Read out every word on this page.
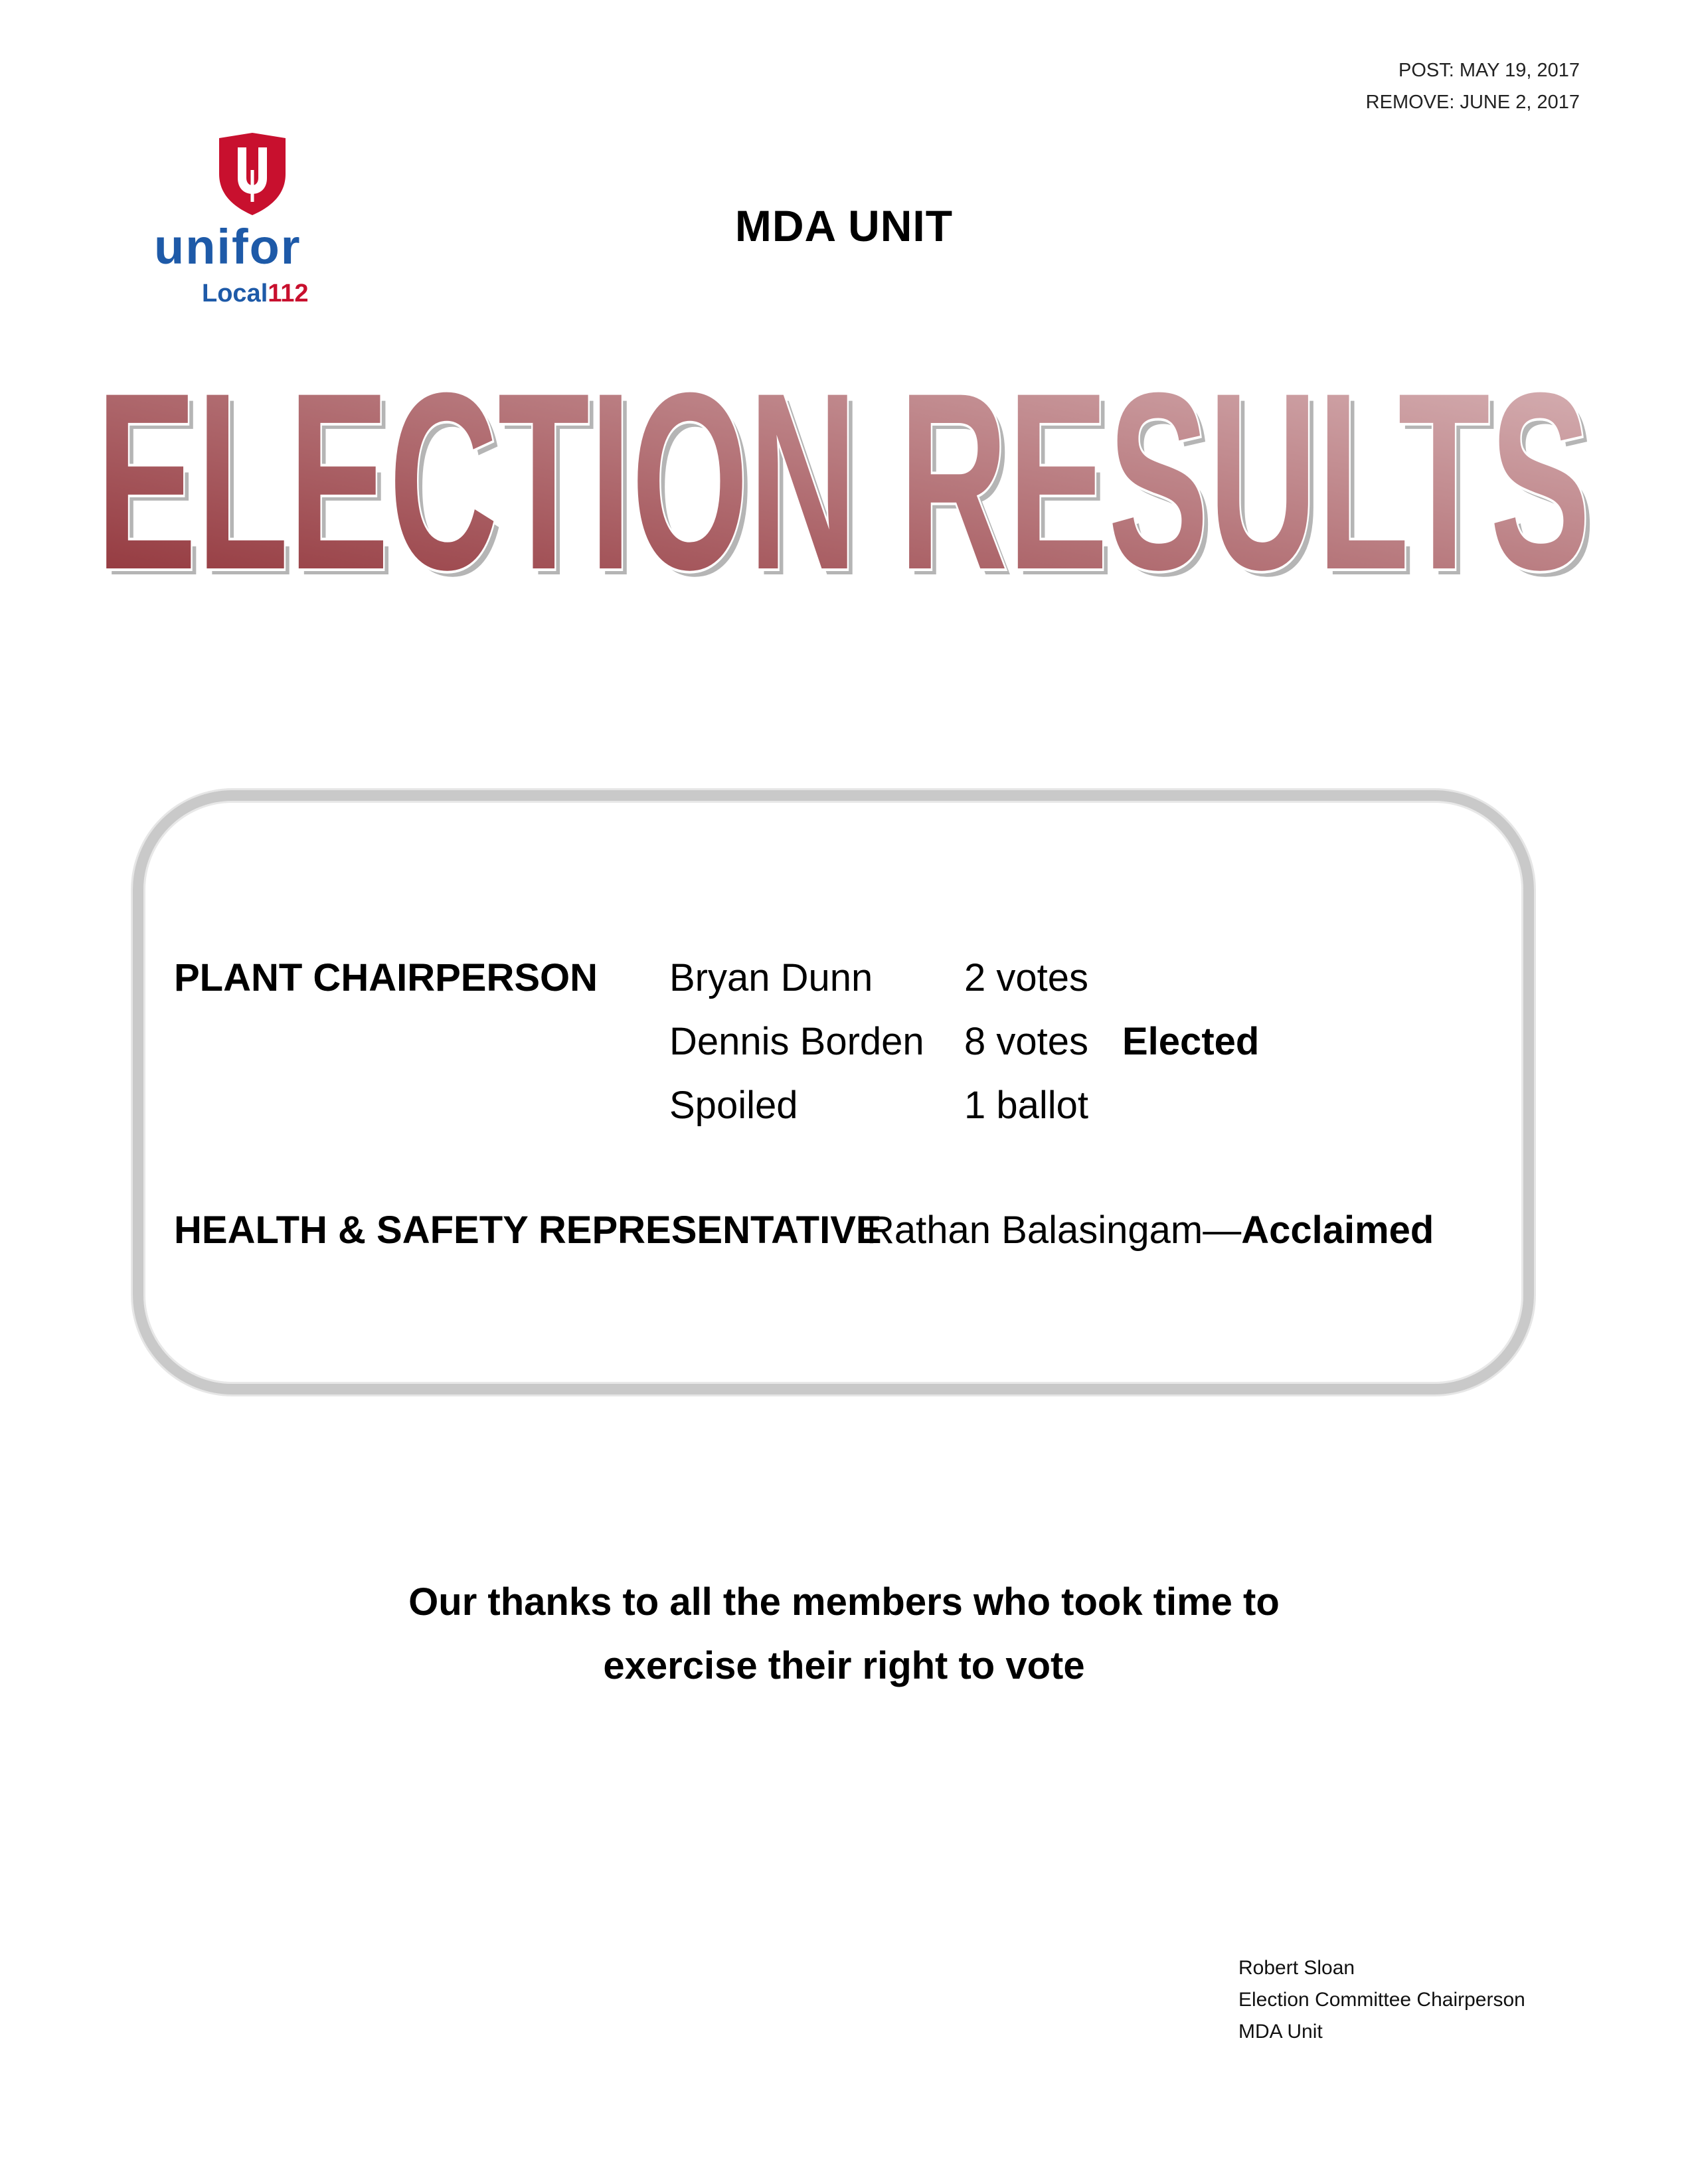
POST: MAY 19, 2017
REMOVE: JUNE 2, 2017
unifor
Local112
MDA UNIT
ELECTION RESULTS
ELECTION RESULTS
PLANT CHAIRPERSON Bryan Dunn 2 votes
Dennis Borden 8 votes Elected
Spoiled	1 ballot
HEALTH & SAFETY REPRESENTATIVE
Rathan Balasingam—Acclaimed
Our thanks to all the members who took time to
exercise their right to vote
Robert Sloan
Election Committee Chairperson
MDA Unit
